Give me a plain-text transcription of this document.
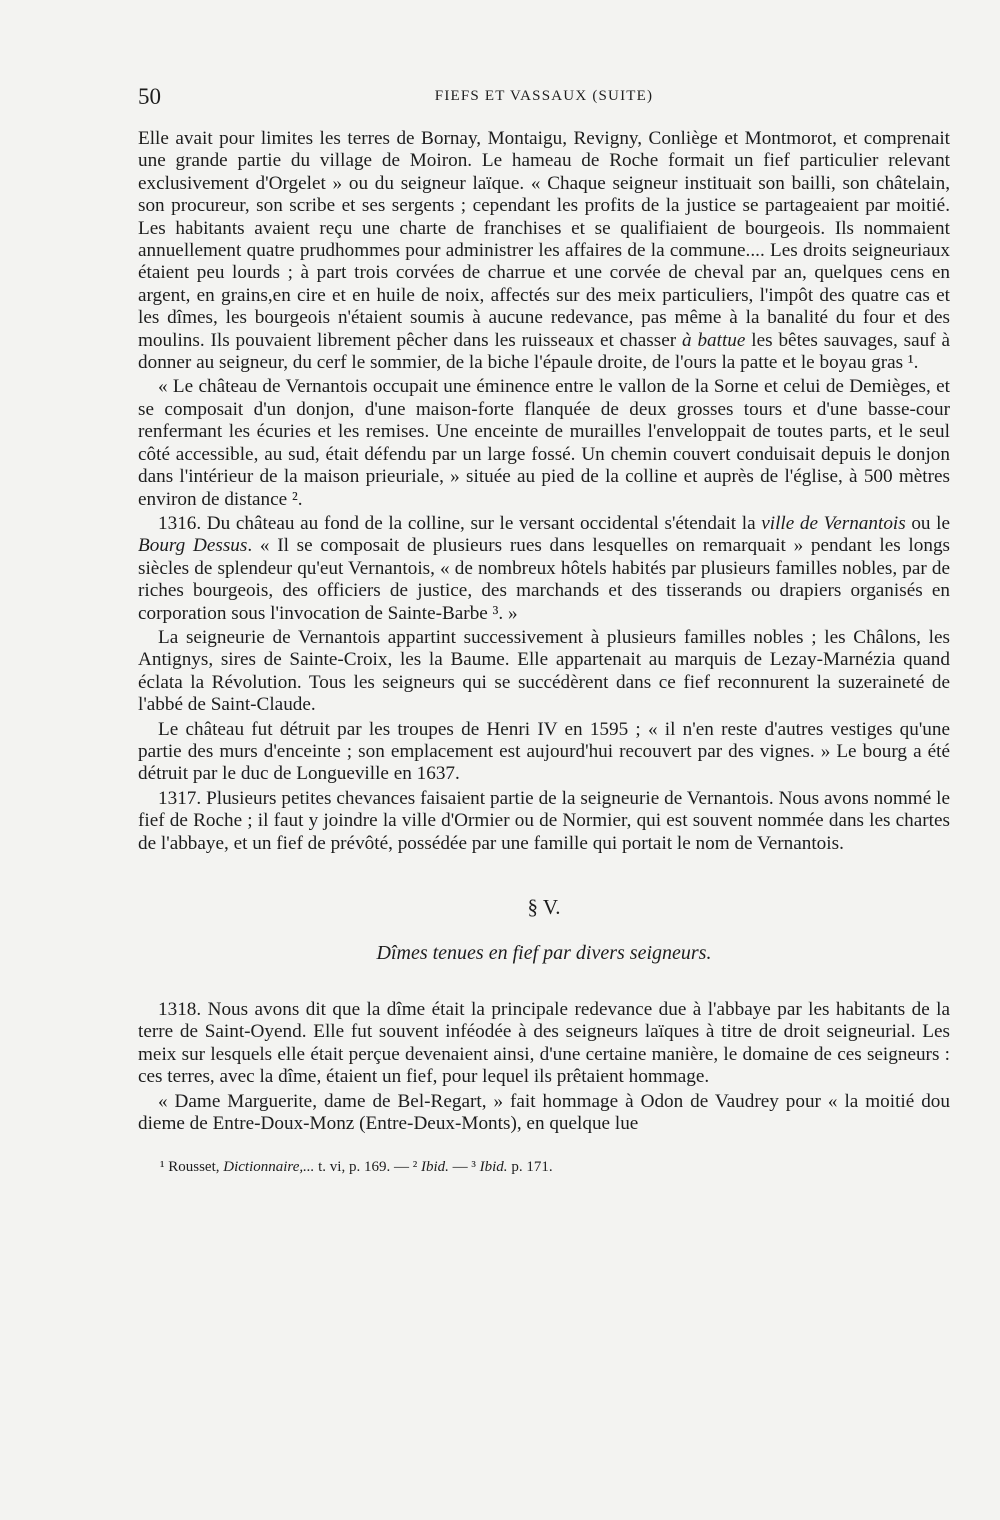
50	FIEFS ET VASSAUX (SUITE)

Elle avait pour limites les terres de Bornay, Montaigu, Revigny, Conliège et Montmorot, et comprenait une grande partie du village de Moiron. Le hameau de Roche formait un fief particulier relevant exclusivement d'Orgelet » ou du seigneur laïque. « Chaque seigneur instituait son bailli, son châtelain, son procureur, son scribe et ses sergents ; cependant les profits de la justice se partageaient par moitié. Les habitants avaient reçu une charte de franchises et se qualifiaient de bourgeois. Ils nommaient annuellement quatre prudhommes pour administrer les affaires de la commune.... Les droits seigneuriaux étaient peu lourds ; à part trois corvées de charrue et une corvée de cheval par an, quelques cens en argent, en grains,en cire et en huile de noix, affectés sur des meix particuliers, l'impôt des quatre cas et les dîmes, les bourgeois n'étaient soumis à aucune redevance, pas même à la banalité du four et des moulins. Ils pouvaient librement pêcher dans les ruisseaux et chasser à battue les bêtes sauvages, sauf à donner au seigneur, du cerf le sommier, de la biche l'épaule droite, de l'ours la patte et le boyau gras ¹.

« Le château de Vernantois occupait une éminence entre le vallon de la Sorne et celui de Demièges, et se composait d'un donjon, d'une maison-forte flanquée de deux grosses tours et d'une basse-cour renfermant les écuries et les remises. Une enceinte de murailles l'enveloppait de toutes parts, et le seul côté accessible, au sud, était défendu par un large fossé. Un chemin couvert conduisait depuis le donjon dans l'intérieur de la maison prieuriale, » située au pied de la colline et auprès de l'église, à 500 mètres environ de distance ².

1316. Du château au fond de la colline, sur le versant occidental s'étendait la ville de Vernantois ou le Bourg Dessus. « Il se composait de plusieurs rues dans lesquelles on remarquait » pendant les longs siècles de splendeur qu'eut Vernantois, « de nombreux hôtels habités par plusieurs familles nobles, par de riches bourgeois, des officiers de justice, des marchands et des tisserands ou drapiers organisés en corporation sous l'invocation de Sainte-Barbe ³. »

La seigneurie de Vernantois appartint successivement à plusieurs familles nobles ; les Châlons, les Antignys, sires de Sainte-Croix, les la Baume. Elle appartenait au marquis de Lezay-Marnézia quand éclata la Révolution. Tous les seigneurs qui se succédèrent dans ce fief reconnurent la suzeraineté de l'abbé de Saint-Claude.

Le château fut détruit par les troupes de Henri IV en 1595 ; « il n'en reste d'autres vestiges qu'une partie des murs d'enceinte ; son emplacement est aujourd'hui recouvert par des vignes. » Le bourg a été détruit par le duc de Longueville en 1637.

1317. Plusieurs petites chevances faisaient partie de la seigneurie de Vernantois. Nous avons nommé le fief de Roche ; il faut y joindre la ville d'Ormier ou de Normier, qui est souvent nommée dans les chartes de l'abbaye, et un fief de prévôté, possédée par une famille qui portait le nom de Vernantois.

§ V.
Dîmes tenues en fief par divers seigneurs.

1318. Nous avons dit que la dîme était la principale redevance due à l'abbaye par les habitants de la terre de Saint-Oyend. Elle fut souvent inféodée à des seigneurs laïques à titre de droit seigneurial. Les meix sur lesquels elle était perçue devenaient ainsi, d'une certaine manière, le domaine de ces seigneurs : ces terres, avec la dîme, étaient un fief, pour lequel ils prêtaient hommage.

« Dame Marguerite, dame de Bel-Regart, » fait hommage à Odon de Vaudrey pour « la moitié dou dieme de Entre-Doux-Monz (Entre-Deux-Monts), en quelque lue

¹ Rousset, Dictionnaire,... t. vi, p. 169. — ² Ibid. — ³ Ibid. p. 171.
